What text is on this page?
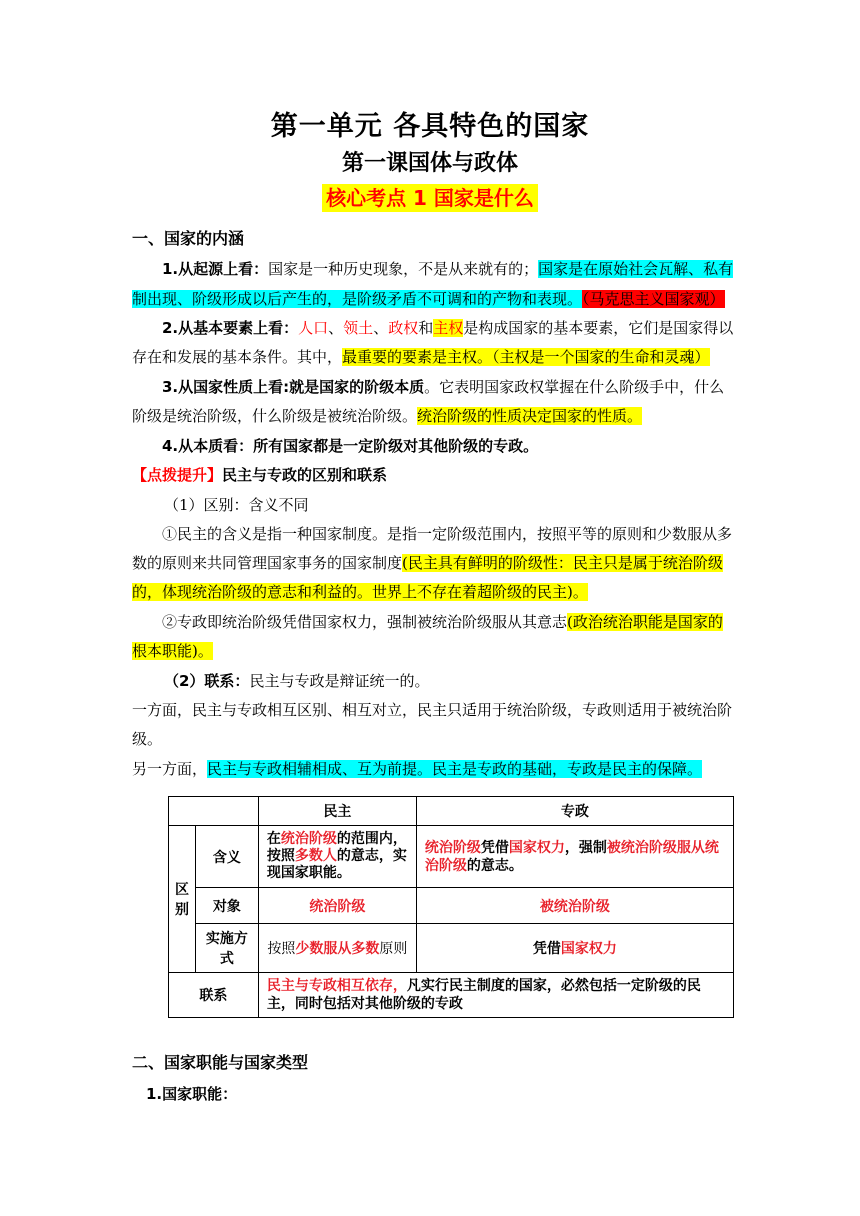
第一单元 各具特色的国家
第一课国体与政体
核心考点 1 国家是什么
一、国家的内涵
1.从起源上看：国家是一种历史现象，不是从来就有的；国家是在原始社会瓦解、私有
制出现、阶级形成以后产生的，是阶级矛盾不可调和的产物和表现。（马克思主义国家观）
2.从基本要素上看：人口、领土、政权和主权是构成国家的基本要素，它们是国家得以
存在和发展的基本条件。其中，最重要的要素是主权。（主权是一个国家的生命和灵魂）
3.从国家性质上看:就是国家的阶级本质。它表明国家政权掌握在什么阶级手中，什么
阶级是统治阶级，什么阶级是被统治阶级。统治阶级的性质决定国家的性质。
4.从本质看：所有国家都是一定阶级对其他阶级的专政。
【点拨提升】民主与专政的区别和联系
（1）区别：含义不同
①民主的含义是指一种国家制度。是指一定阶级范围内，按照平等的原则和少数服从多
数的原则来共同管理国家事务的国家制度(民主具有鲜明的阶级性：民主只是属于统治阶级
的，体现统治阶级的意志和利益的。世界上不存在着超阶级的民主)。
②专政即统治阶级凭借国家权力，强制被统治阶级服从其意志(政治统治职能是国家的
根本职能)。
（2）联系：民主与专政是辩证统一的。
一方面，民主与专政相互区别、相互对立，民主只适用于统治阶级，专政则适用于被统治阶
级。
另一方面，民主与专政相辅相成、互为前提。民主是专政的基础，专政是民主的保障。
		民主	专政
区别	含义	在统治阶级的范围内，按照多数人的意志，实现国家职能。	统治阶级凭借国家权力，强制被统治阶级服从统治阶级的意志。
	对象	统治阶级	被统治阶级
	实施方式	按照少数服从多数原则	凭借国家权力
联系		民主与专政相互依存，凡实行民主制度的国家，必然包括一定阶级的民主，同时包括对其他阶级的专政	
二、国家职能与国家类型
1.国家职能：
